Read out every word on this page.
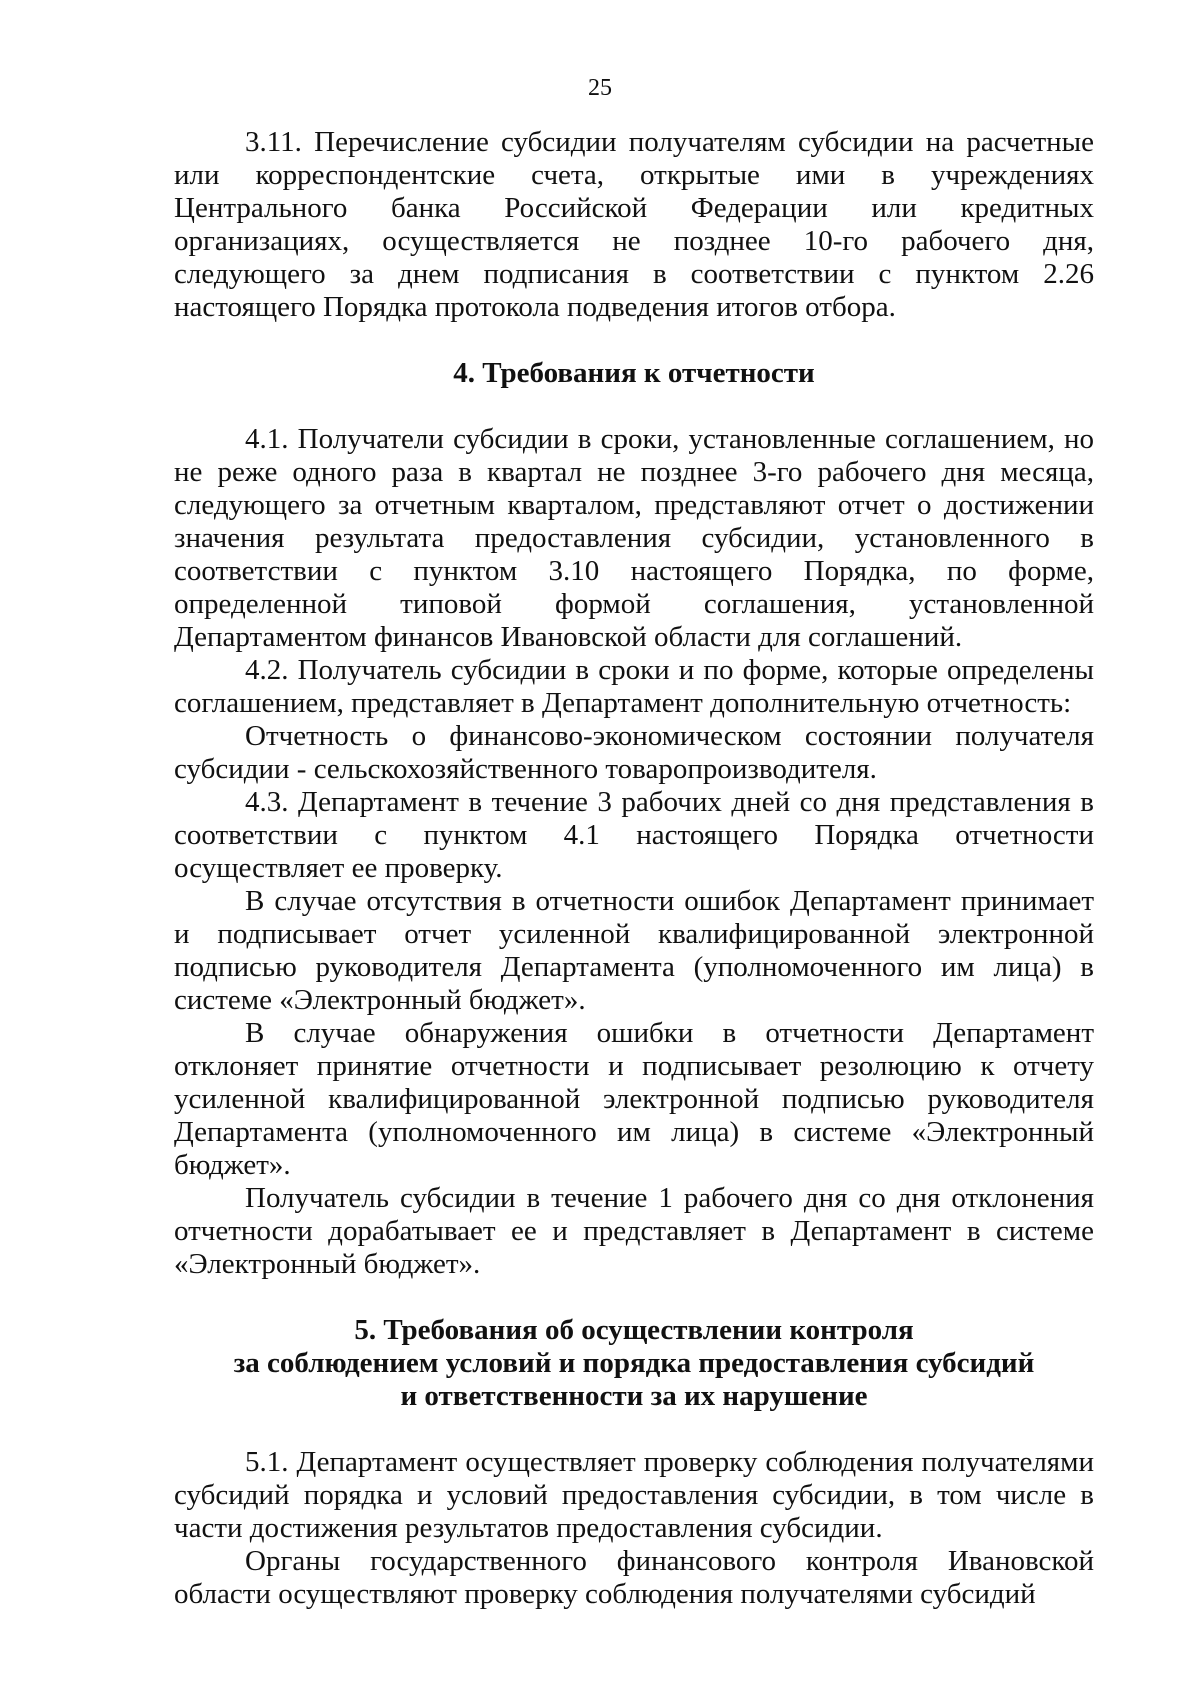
25

3.11. Перечисление субсидии получателям субсидии на расчетные или корреспондентские счета, открытые ими в учреждениях Центрального банка Российской Федерации или кредитных организациях, осуществляется не позднее 10-го рабочего дня, следующего за днем подписания в соответствии с пунктом 2.26 настоящего Порядка протокола подведения итогов отбора.

4. Требования к отчетности

4.1. Получатели субсидии в сроки, установленные соглашением, но не реже одного раза в квартал не позднее 3-го рабочего дня месяца, следующего за отчетным кварталом, представляют отчет о достижении значения результата предоставления субсидии, установленного в соответствии с пунктом 3.10 настоящего Порядка, по форме, определенной типовой формой соглашения, установленной Департаментом финансов Ивановской области для соглашений.

4.2. Получатель субсидии в сроки и по форме, которые определены соглашением, представляет в Департамент дополнительную отчетность:

Отчетность о финансово-экономическом состоянии получателя субсидии - сельскохозяйственного товаропроизводителя.

4.3. Департамент в течение 3 рабочих дней со дня представления в соответствии с пунктом 4.1 настоящего Порядка отчетности осуществляет ее проверку.

В случае отсутствия в отчетности ошибок Департамент принимает и подписывает отчет усиленной квалифицированной электронной подписью руководителя Департамента (уполномоченного им лица) в системе «Электронный бюджет».

В случае обнаружения ошибки в отчетности Департамент отклоняет принятие отчетности и подписывает резолюцию к отчету усиленной квалифицированной электронной подписью руководителя Департамента (уполномоченного им лица) в системе «Электронный бюджет».

Получатель субсидии в течение 1 рабочего дня со дня отклонения отчетности дорабатывает ее и представляет в Департамент в системе «Электронный бюджет».

5. Требования об осуществлении контроля
за соблюдением условий и порядка предоставления субсидий
и ответственности за их нарушение

5.1. Департамент осуществляет проверку соблюдения получателями субсидий порядка и условий предоставления субсидии, в том числе в части достижения результатов предоставления субсидии.

Органы государственного финансового контроля Ивановской области осуществляют проверку соблюдения получателями субсидий
